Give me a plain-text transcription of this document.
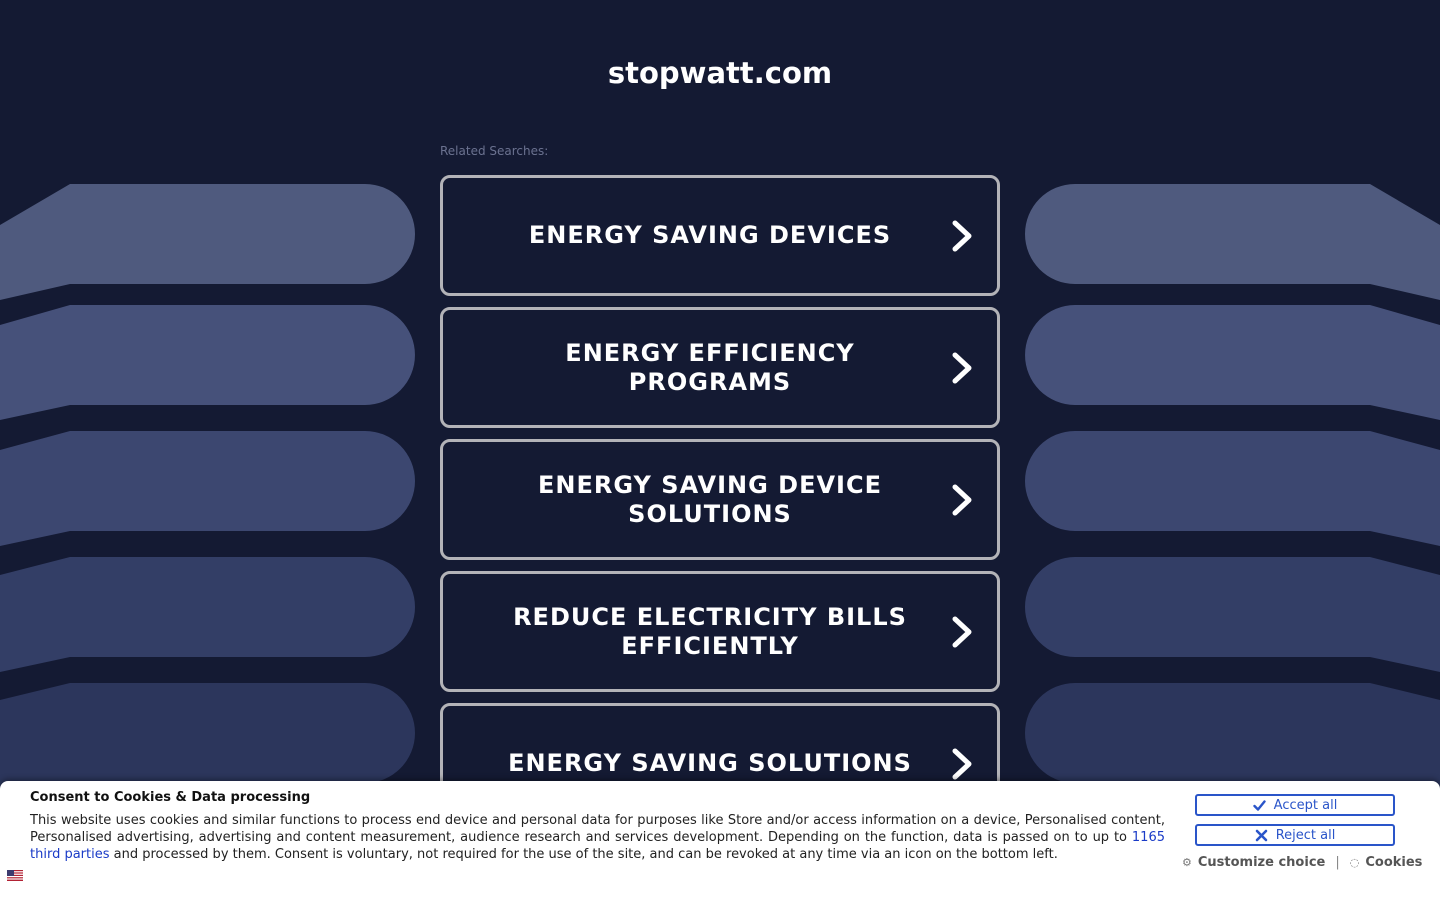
stopwatt.com
Related Searches:
ENERGY SAVING DEVICES
ENERGY EFFICIENCY PROGRAMS
ENERGY SAVING DEVICE SOLUTIONS
REDUCE ELECTRICITY BILLS EFFICIENTLY
ENERGY SAVING SOLUTIONS
Consent to Cookies & Data processing
This website uses cookies and similar functions to process end device and personal data for purposes like Store and/or access information on a device, Personalised content, Personalised advertising, advertising and content measurement, audience research and services development. Depending on the function, data is passed on to up to 1165 third parties and processed by them. Consent is voluntary, not required for the use of the site, and can be revoked at any time via an icon on the bottom left.
Accept all
Reject all
⚙ Customize choice | ◌ Cookies
